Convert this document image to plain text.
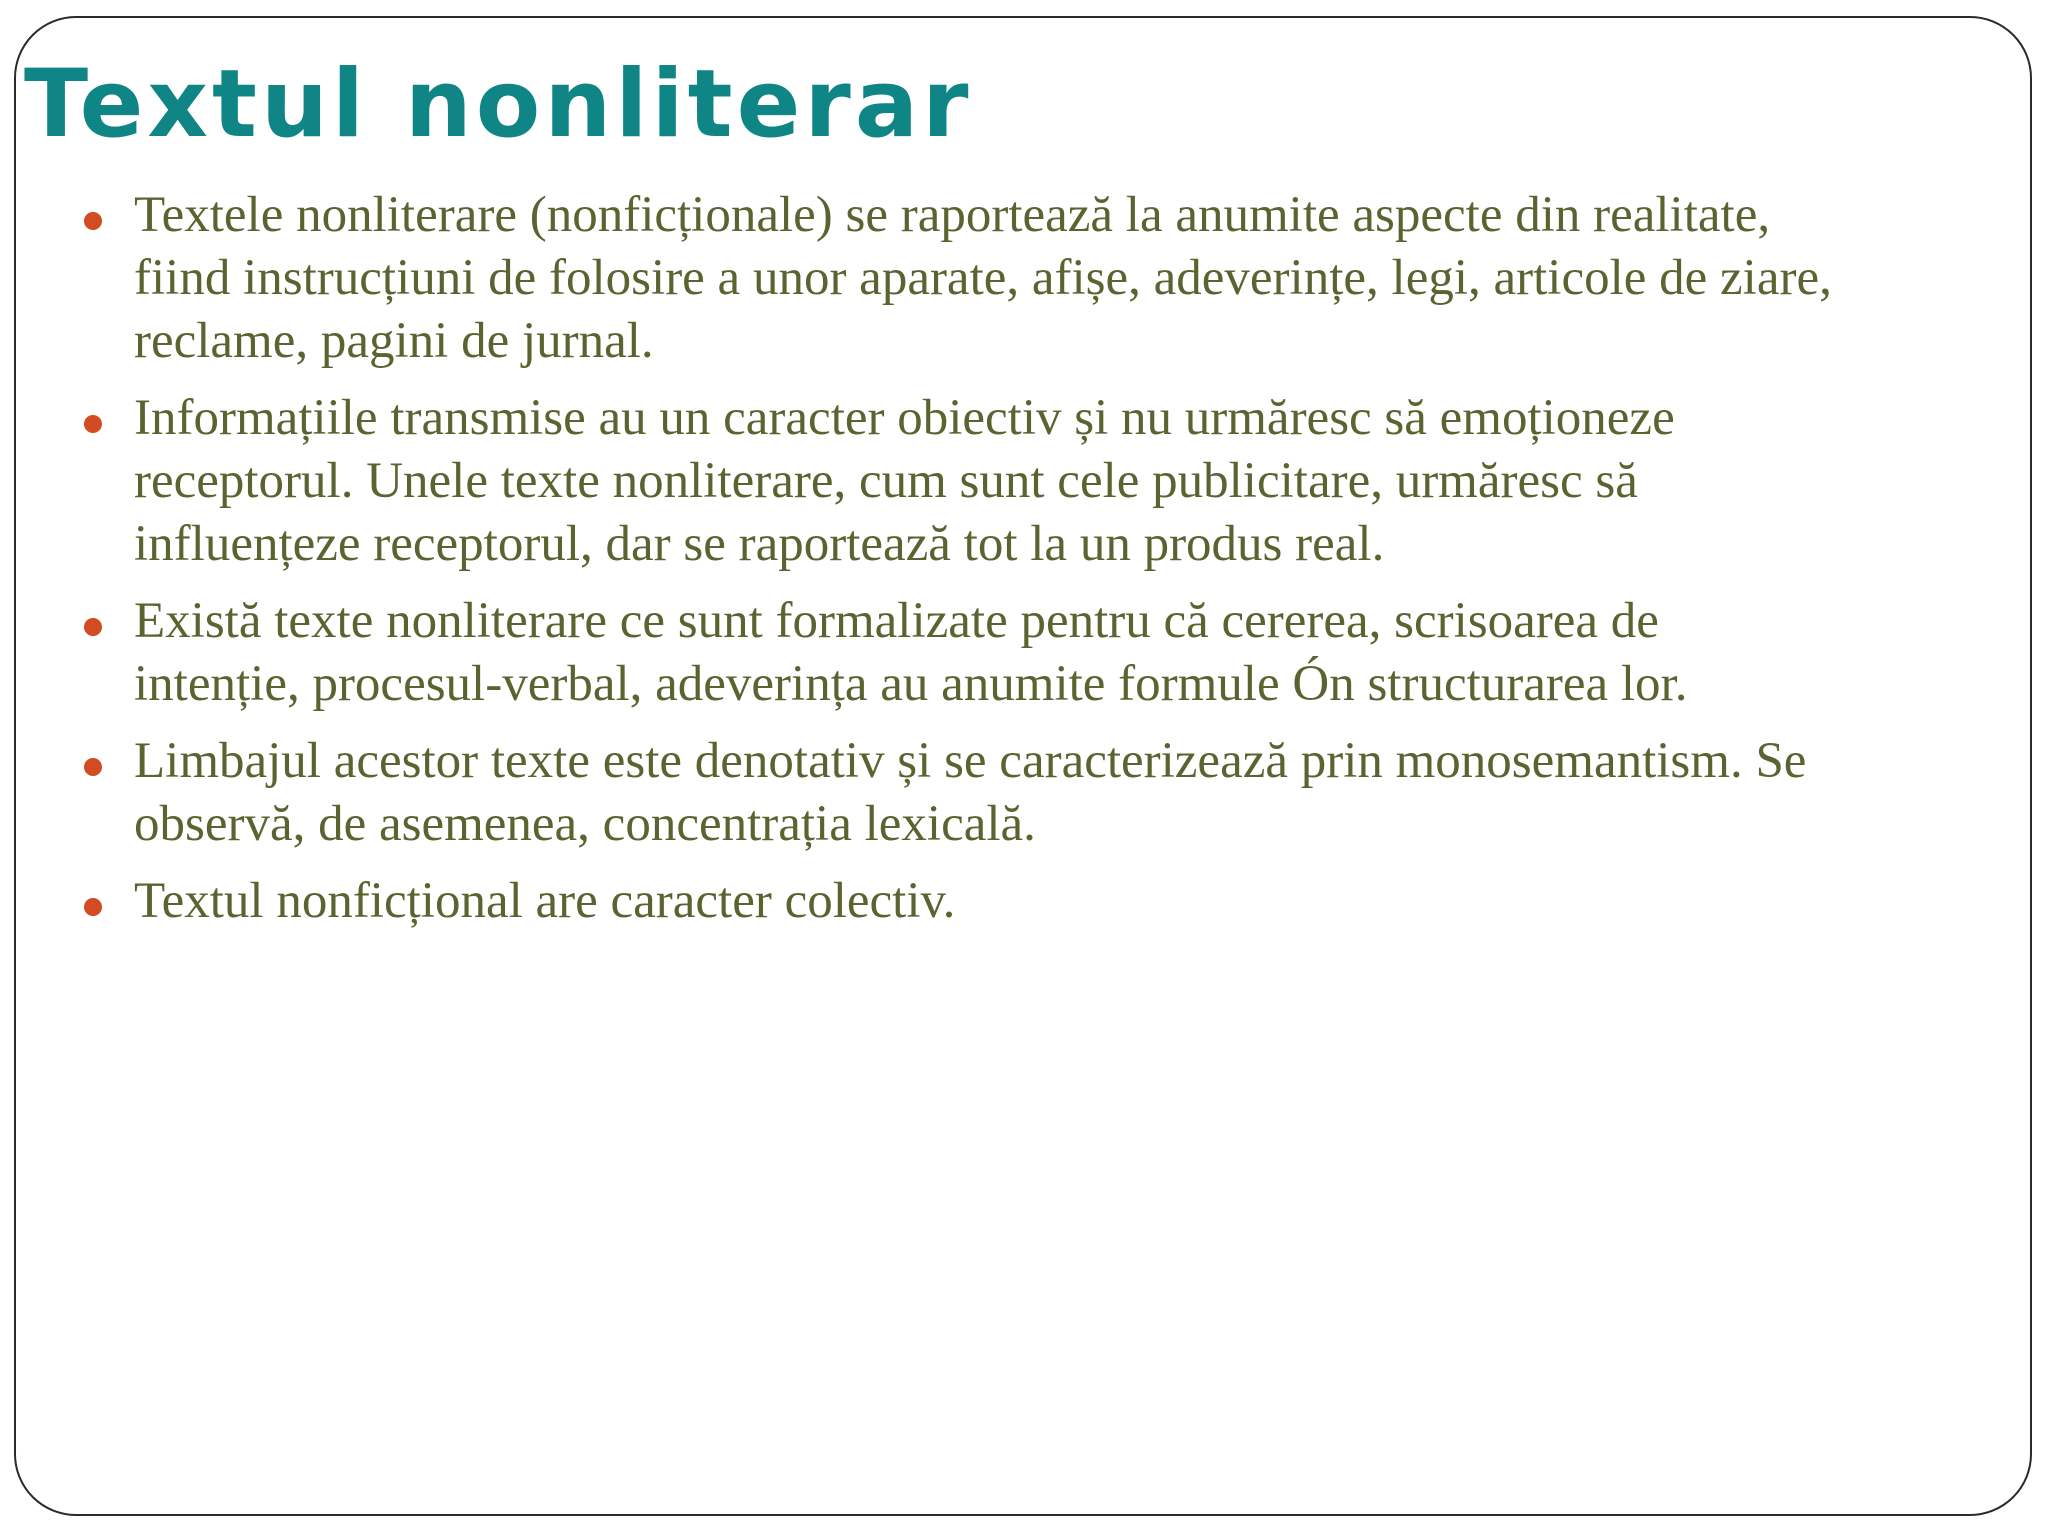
Textul nonliterar
Textele nonliterare (nonficționale) se raportează la anumite aspecte din realitate, fiind instrucțiuni de folosire a unor aparate, afișe, adeverințe, legi, articole de ziare, reclame, pagini de jurnal.
Informațiile transmise au un caracter obiectiv și nu urmăresc să emoționeze receptorul. Unele texte nonliterare, cum sunt cele publicitare, urmăresc să influențeze receptorul, dar se raportează tot la un produs real.
Există texte nonliterare ce sunt formalizate pentru că cererea, scrisoarea de intenție, procesul-verbal, adeverința au anumite formule Ón structurarea lor.
Limbajul acestor texte este denotativ și se caracterizează prin monosemantism. Se observă, de asemenea, concentrația lexicală.
Textul nonficțional are caracter colectiv.
